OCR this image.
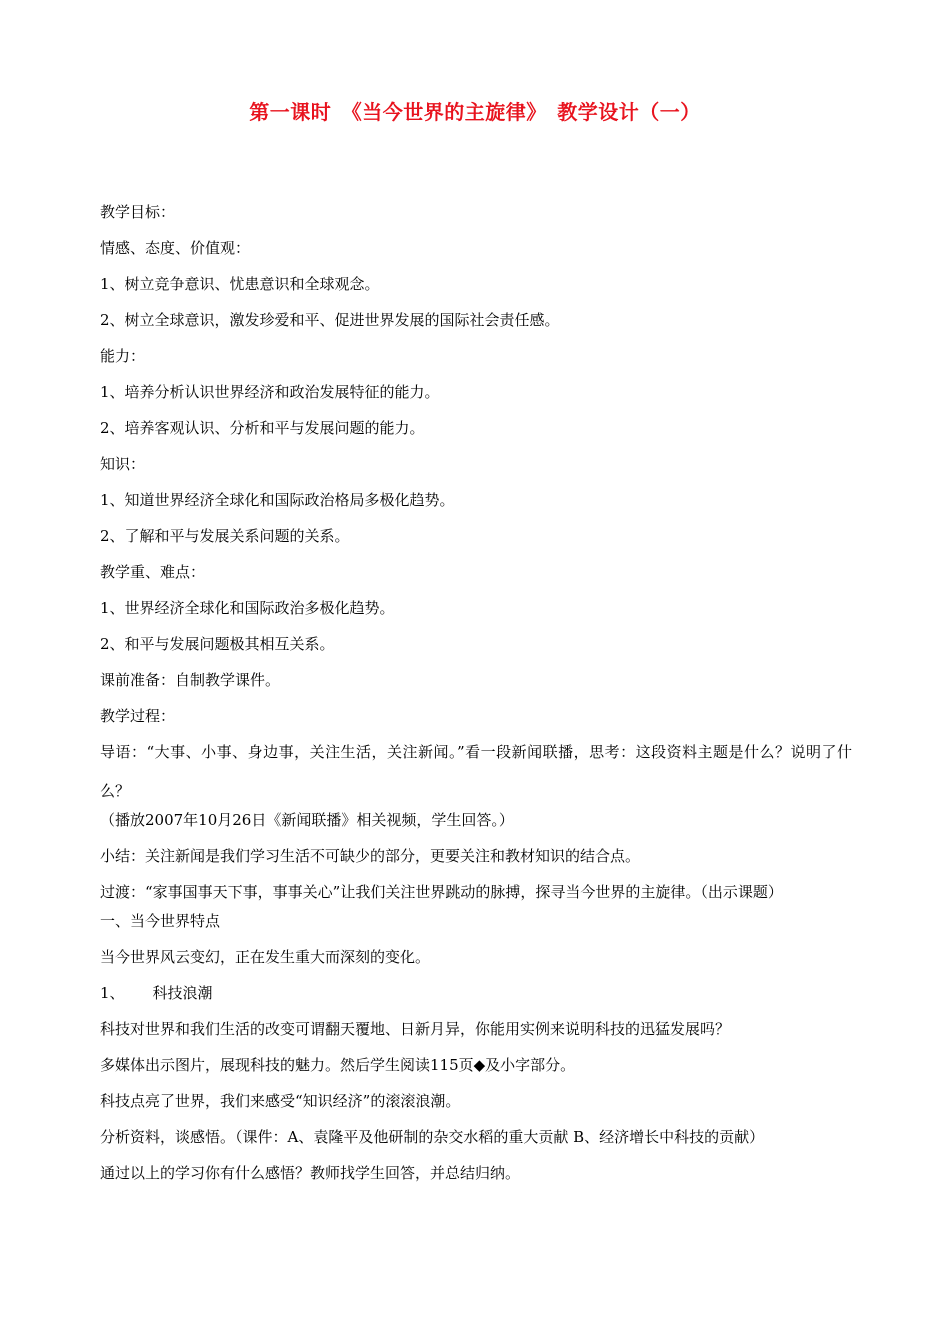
第一课时　《当今世界的主旋律》　教学设计（一）

教学目标：

情感、态度、价值观：

1、树立竞争意识、忧患意识和全球观念。

2、树立全球意识，激发珍爱和平、促进世界发展的国际社会责任感。

能力：

1、培养分析认识世界经济和政治发展特征的能力。

2、培养客观认识、分析和平与发展问题的能力。

知识：

1、知道世界经济全球化和国际政治格局多极化趋势。

2、了解和平与发展关系问题的关系。

教学重、难点：

1、世界经济全球化和国际政治多极化趋势。

2、和平与发展问题极其相互关系。

课前准备：自制教学课件。

教学过程：

导语：“大事、小事、身边事，关注生活，关注新闻。”看一段新闻联播，思考：这段资料主题是什么？说明了什么？

（播放2007年10月26日《新闻联播》相关视频，学生回答。）

小结：关注新闻是我们学习生活不可缺少的部分，更要关注和教材知识的结合点。

过渡：“家事国事天下事，事事关心”让我们关注世界跳动的脉搏，探寻当今世界的主旋律。（出示课题）

一、当今世界特点

当今世界风云变幻，正在发生重大而深刻的变化。

1、 科技浪潮

科技对世界和我们生活的改变可谓翻天覆地、日新月异，你能用实例来说明科技的迅猛发展吗？

多媒体出示图片，展现科技的魅力。然后学生阅读115页◆及小字部分。

科技点亮了世界，我们来感受“知识经济”的滚滚浪潮。

分析资料，谈感悟。（课件：A、袁隆平及他研制的杂交水稻的重大贡献 B、经济增长中科技的贡献）

通过以上的学习你有什么感悟？教师找学生回答，并总结归纳。
